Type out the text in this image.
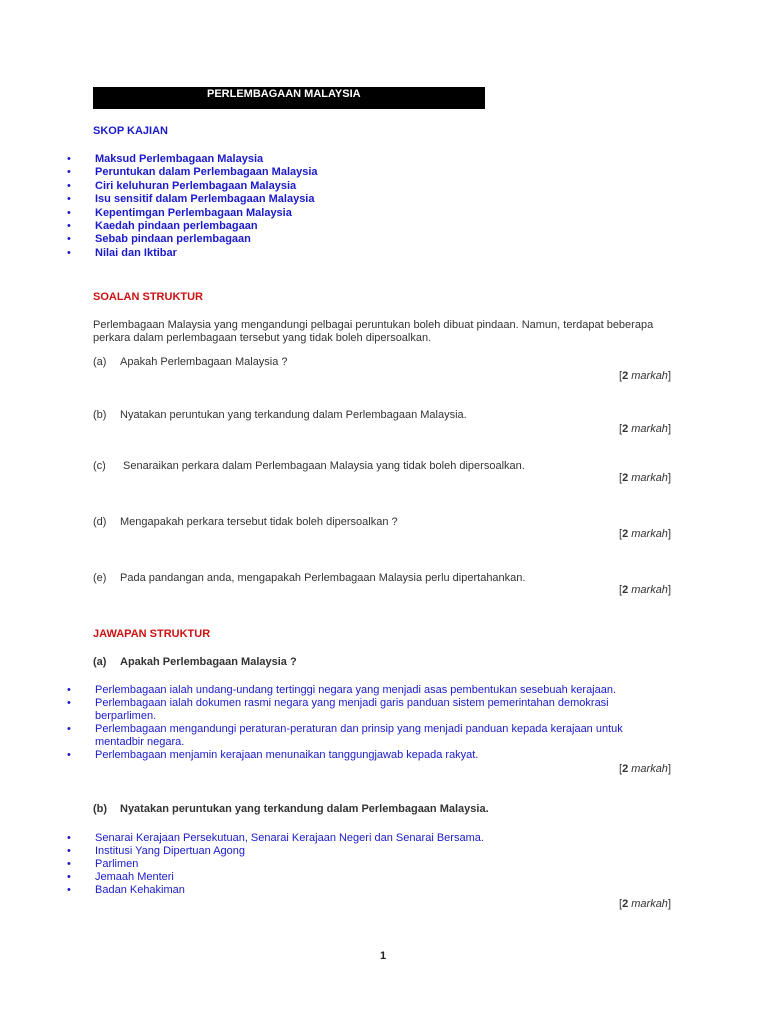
PERLEMBAGAAN MALAYSIA
SKOP KAJIAN
• Maksud Perlembagaan Malaysia
• Peruntukan dalam Perlembagaan Malaysia
• Ciri keluhuran Perlembagaan Malaysia
• Isu sensitif dalam Perlembagaan Malaysia
• Kepentimgan Perlembagaan Malaysia
• Kaedah pindaan perlembagaan
• Sebab pindaan perlembagaan
• Nilai dan Iktibar
SOALAN STRUKTUR
Perlembagaan Malaysia yang mengandungi pelbagai peruntukan boleh dibuat pindaan. Namun, terdapat beberapa perkara dalam perlembagaan tersebut yang tidak boleh dipersoalkan.
(a) Apakah Perlembagaan Malaysia ?
[2 markah]
(b) Nyatakan peruntukan yang terkandung dalam Perlembagaan Malaysia.
[2 markah]
(c) Senaraikan perkara dalam Perlembagaan Malaysia yang tidak boleh dipersoalkan.
[2 markah]
(d) Mengapakah perkara tersebut tidak boleh dipersoalkan ?
[2 markah]
(e) Pada pandangan anda, mengapakah Perlembagaan Malaysia perlu dipertahankan.
[2 markah]
JAWAPAN STRUKTUR
(a) Apakah Perlembagaan Malaysia ?
• Perlembagaan ialah undang-undang tertinggi negara yang menjadi asas pembentukan sesebuah kerajaan.
• Perlembagaan ialah dokumen rasmi negara yang menjadi garis panduan sistem pemerintahan demokrasi berparlimen.
• Perlembagaan mengandungi peraturan-peraturan dan prinsip yang menjadi panduan kepada kerajaan untuk mentadbir negara.
• Perlembagaan menjamin kerajaan menunaikan tanggungjawab kepada rakyat.
[2 markah]
(b) Nyatakan peruntukan yang terkandung dalam Perlembagaan Malaysia.
• Senarai Kerajaan Persekutuan, Senarai Kerajaan Negeri dan Senarai Bersama.
• Institusi Yang Dipertuan Agong
• Parlimen
• Jemaah Menteri
• Badan Kehakiman
[2 markah]
1
